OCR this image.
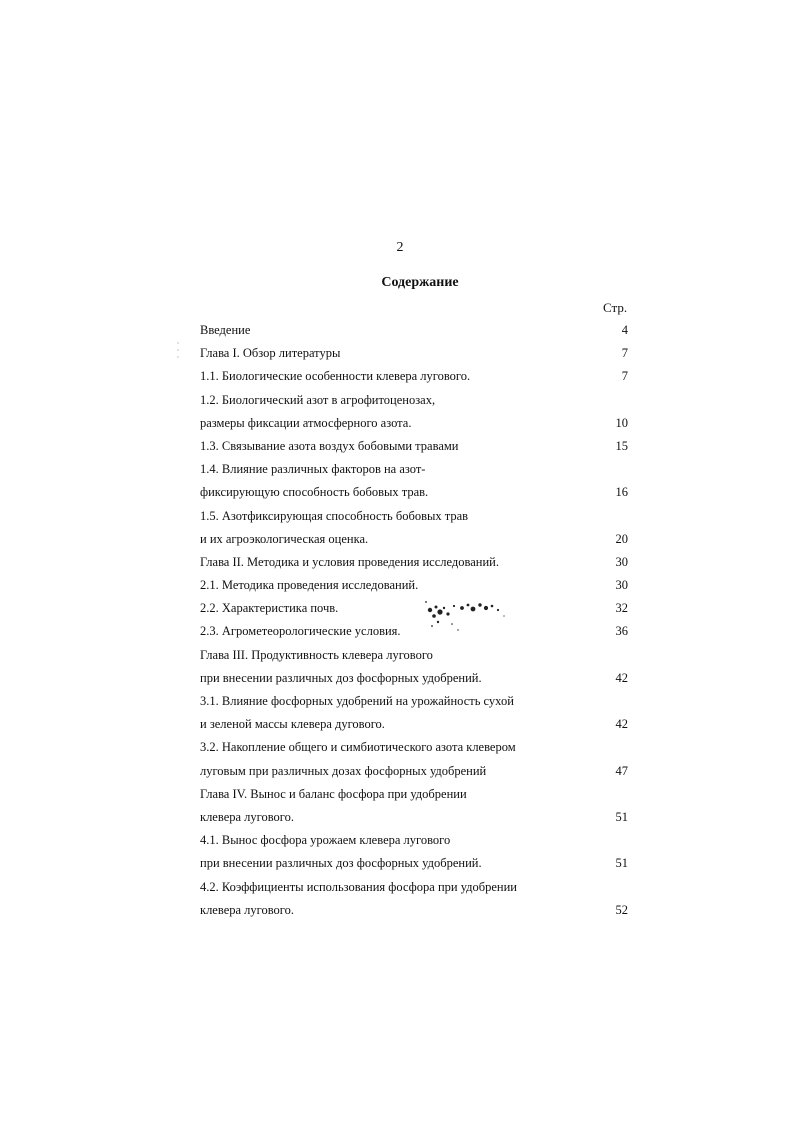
2
Содержание
Стр.
Введение	4
Глава I. Обзор литературы	7
1.1. Биологические особенности клевера лугового.	7
1.2. Биологический азот в агрофитоценозах,
размеры фиксации атмосферного азота.	10
1.3. Связывание азота воздух бобовыми травами	15
1.4. Влияние различных факторов на азот-
фиксирующую способность бобовых трав.	16
1.5. Азотфиксирующая способность бобовых трав
и их агроэкологическая оценка.	20
Глава II. Методика и условия проведения исследований.	30
2.1. Методика проведения исследований.	30
2.2. Характеристика почв.	32
2.3. Агрометеорологические условия.	36
Глава III. Продуктивность клевера лугового
при внесении различных доз фосфорных удобрений.	42
3.1. Влияние фосфорных удобрений на урожайность сухой
и зеленой массы клевера дугового.	42
3.2. Накопление общего и симбиотического азота клевером
луговым при различных дозах фосфорных удобрений	47
Глава IV. Вынос и баланс фосфора при удобрении
клевера лугового.	51
4.1. Вынос фосфора урожаем клевера лугового
при внесении различных доз фосфорных удобрений.	51
4.2. Коэффициенты использования фосфора при удобрении
клевера лугового.	52
